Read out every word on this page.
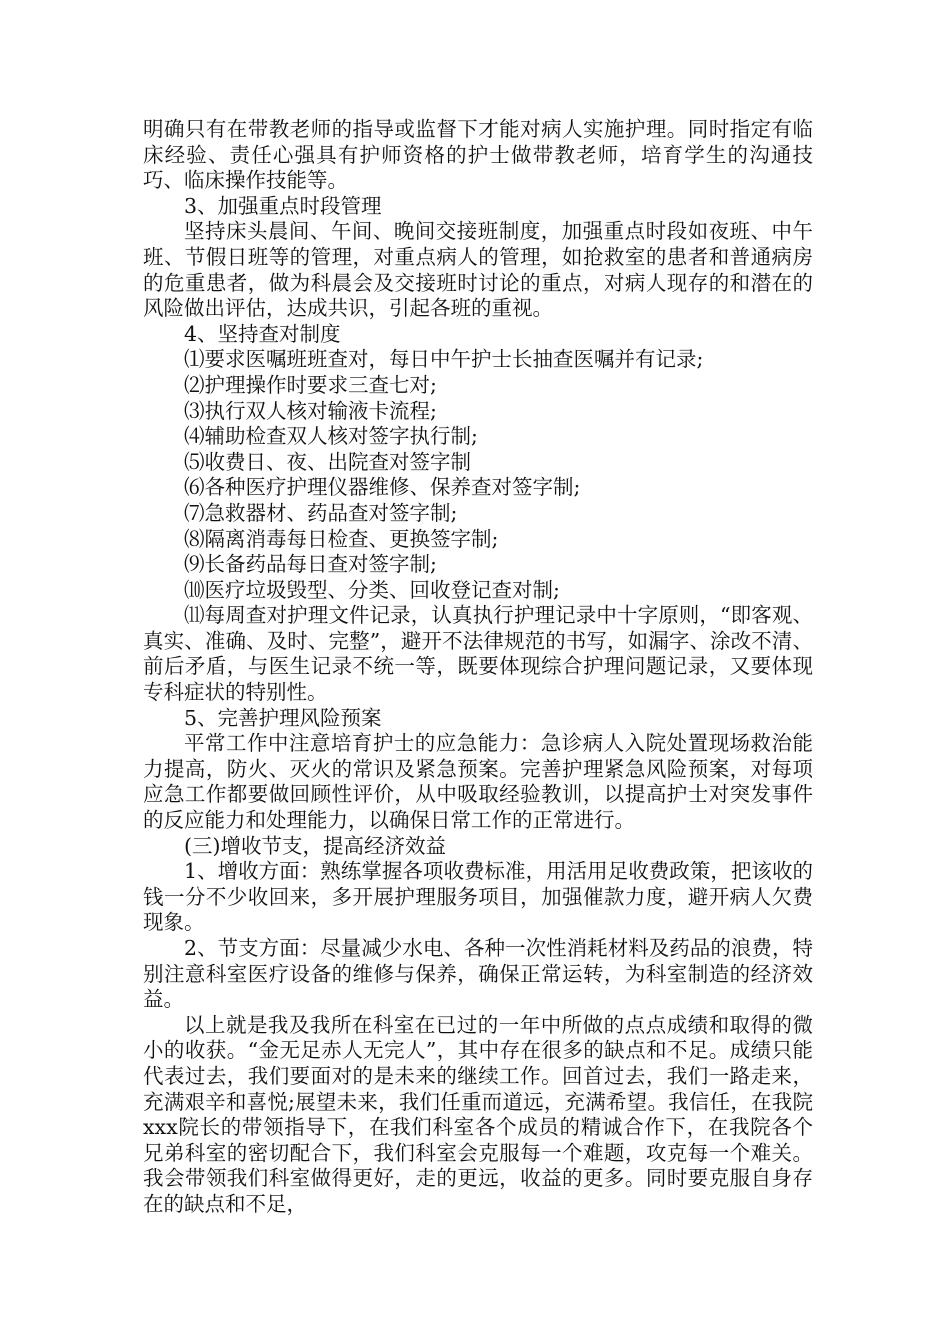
明确只有在带教老师的指导或监督下才能对病人实施护理。同时指定有临床经验、责任心强具有护师资格的护士做带教老师，培育学生的沟通技巧、临床操作技能等。

3、加强重点时段管理

坚持床头晨间、午间、晚间交接班制度，加强重点时段如夜班、中午班、节假日班等的管理，对重点病人的管理，如抢救室的患者和普通病房的危重患者，做为科晨会及交接班时讨论的重点，对病人现存的和潜在的风险做出评估，达成共识，引起各班的重视。

4、坚持查对制度

⑴要求医嘱班班查对，每日中午护士长抽查医嘱并有记录;

⑵护理操作时要求三查七对;

⑶执行双人核对输液卡流程;

⑷辅助检查双人核对签字执行制;

⑸收费日、夜、出院查对签字制

⑹各种医疗护理仪器维修、保养查对签字制;

⑺急救器材、药品查对签字制;

⑻隔离消毒每日检查、更换签字制;

⑼长备药品每日查对签字制;

⑽医疗垃圾毁型、分类、回收登记查对制;

⑾每周查对护理文件记录，认真执行护理记录中十字原则，“即客观、真实、准确、及时、完整”，避开不法律规范的书写，如漏字、涂改不清、前后矛盾，与医生记录不统一等，既要体现综合护理问题记录，又要体现专科症状的特别性。

5、完善护理风险预案

平常工作中注意培育护士的应急能力：急诊病人入院处置现场救治能力提高，防火、灭火的常识及紧急预案。完善护理紧急风险预案，对每项应急工作都要做回顾性评价，从中吸取经验教训，以提高护士对突发事件的反应能力和处理能力，以确保日常工作的正常进行。

(三)增收节支，提高经济效益

1、增收方面：熟练掌握各项收费标准，用活用足收费政策，把该收的钱一分不少收回来，多开展护理服务项目，加强催款力度，避开病人欠费现象。

2、节支方面：尽量减少水电、各种一次性消耗材料及药品的浪费，特别注意科室医疗设备的维修与保养，确保正常运转，为科室制造的经济效益。

以上就是我及我所在科室在已过的一年中所做的点点成绩和取得的微小的收获。“金无足赤人无完人”，其中存在很多的缺点和不足。成绩只能代表过去，我们要面对的是未来的继续工作。回首过去，我们一路走来，充满艰辛和喜悦;展望未来，我们任重而道远，充满希望。我信任，在我院xxx院长的带领指导下，在我们科室各个成员的精诚合作下，在我院各个兄弟科室的密切配合下，我们科室会克服每一个难题，攻克每一个难关。我会带领我们科室做得更好，走的更远，收益的更多。同时要克服自身存在的缺点和不足，
